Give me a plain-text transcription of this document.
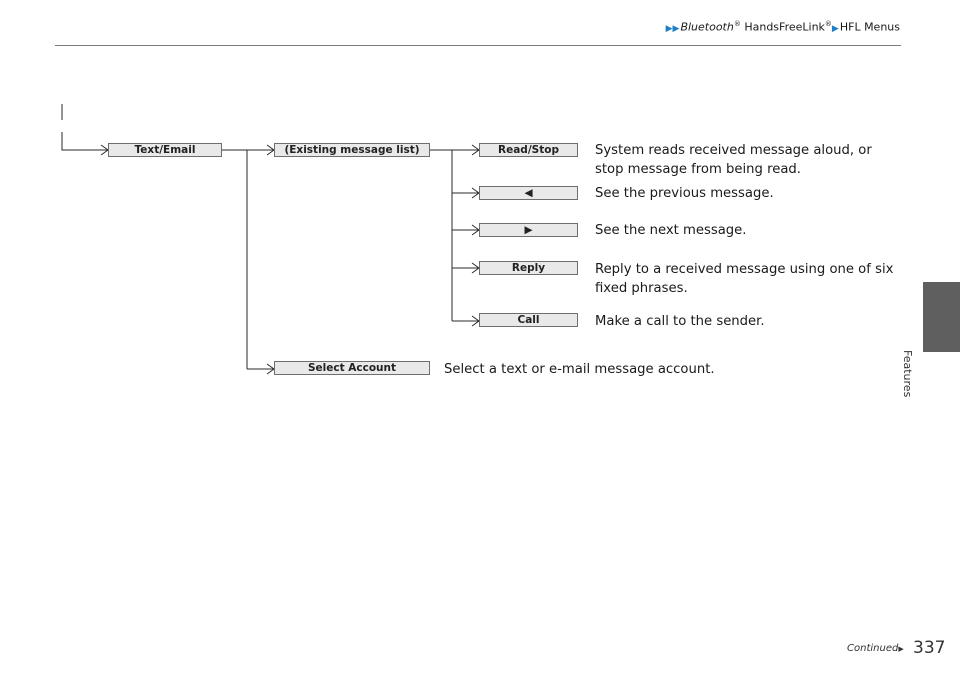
▶▶Bluetooth® HandsFreeLink®▶HFL Menus
Features
Text/Email	(Existing message list)	Read/Stop
◀
▶
Reply
Call
Select Account
System reads received message aloud, or
stop message from being read.
See the previous message.
See the next message.
Reply to a received message using one of six
fixed phrases.
Make a call to the sender.
Select a text or e-mail message account.
Continued▶ 337
